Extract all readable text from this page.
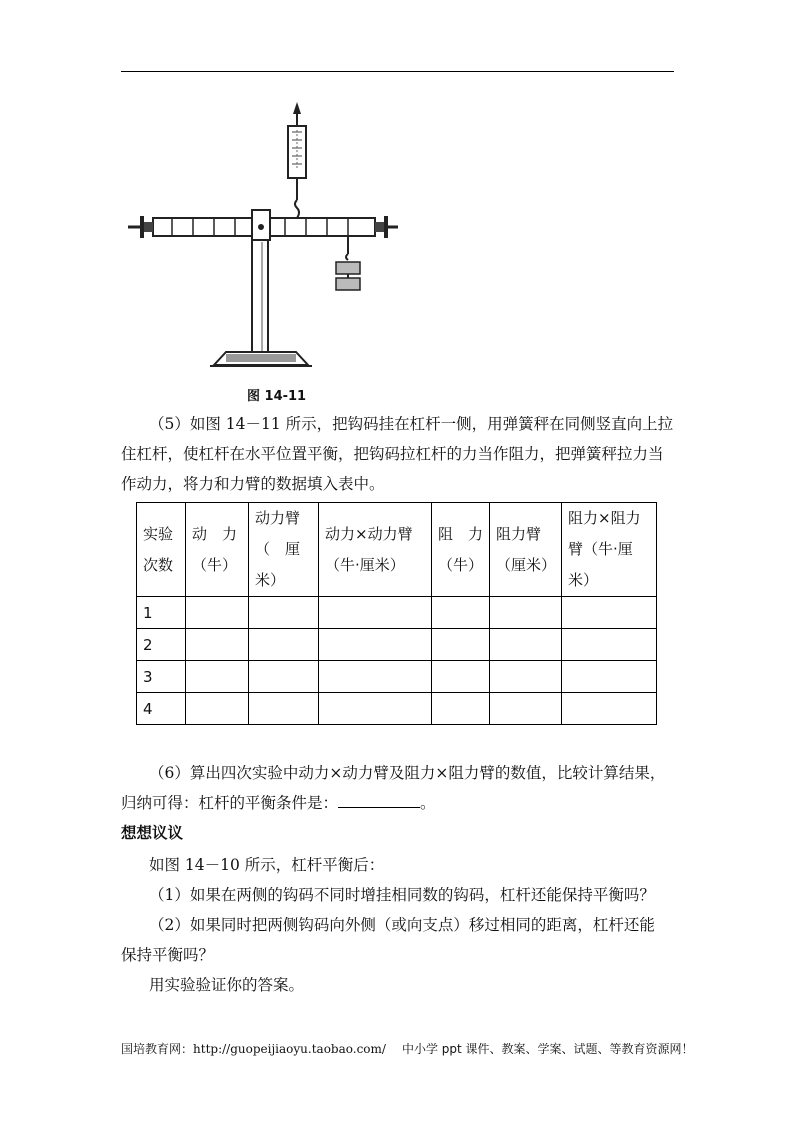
图 14-11
（5）如图 14－11 所示，把钩码挂在杠杆一侧，用弹簧秤在同侧竖直向上拉
住杠杆，使杠杆在水平位置平衡，把钩码拉杠杆的力当作阻力，把弹簧秤拉力当
作动力，将力和力臂的数据填入表中。
实验次数	动　力（牛）	动力臂（　厘米）	动力×动力臂（牛·厘米）	阻　力（牛）	阻力臂（厘米）	阻力×阻力臂（牛·厘米）
1						
2						
3						
4						
（6）算出四次实验中动力×动力臂及阻力×阻力臂的数值，比较计算结果，
归纳可得：杠杆的平衡条件是：	。
想想议议
如图 14－10 所示，杠杆平衡后：
（1）如果在两侧的钩码不同时增挂相同数的钩码，杠杆还能保持平衡吗？
（2）如果同时把两侧钩码向外侧（或向支点）移过相同的距离，杠杆还能
保持平衡吗？
用实验验证你的答案。
国培教育网：http://guopeijiaoyu.taobao.com/ 中小学 ppt 课件、教案、学案、试题、等教育资源网！
